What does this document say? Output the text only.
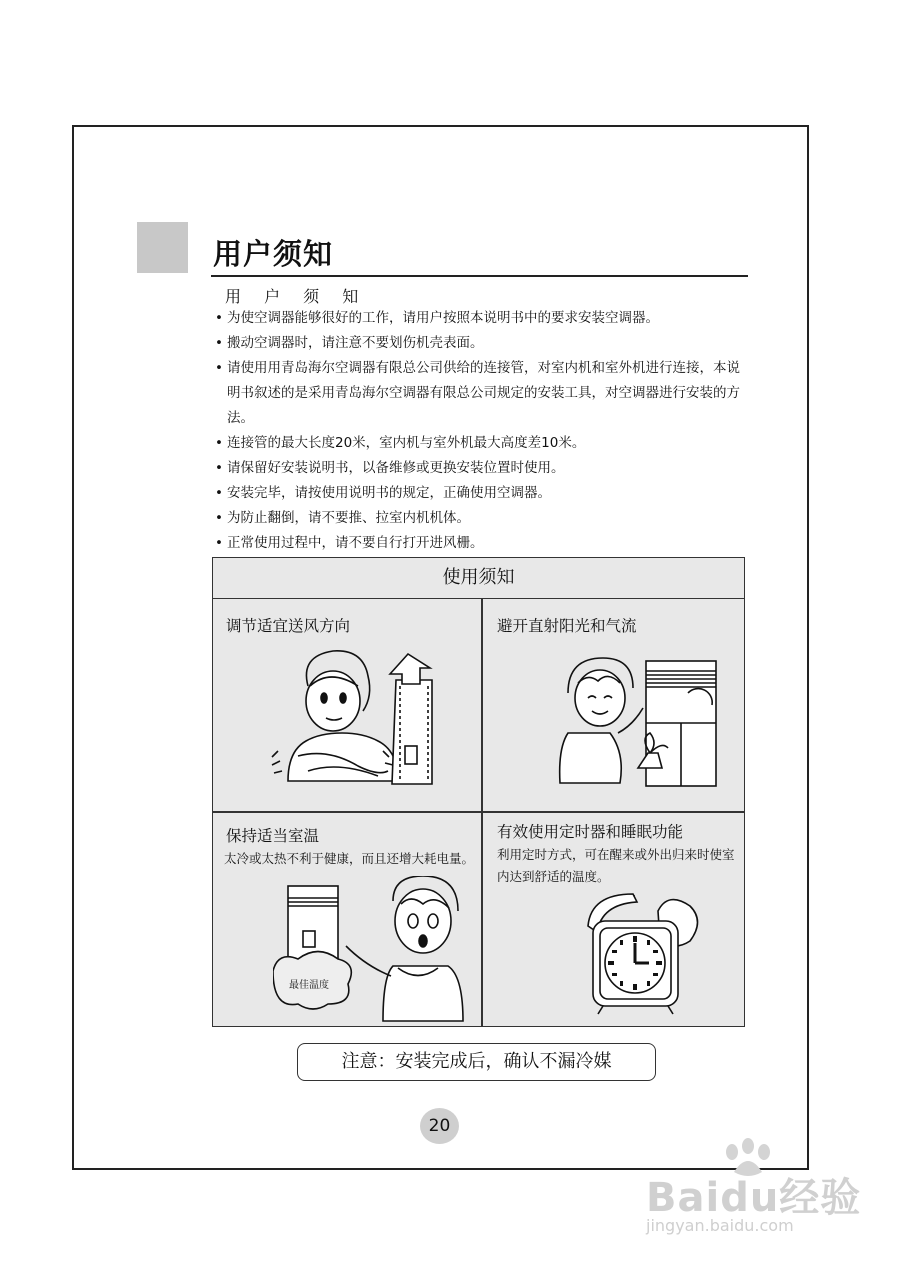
用户须知
用 户 须 知
• 为使空调器能够很好的工作，请用户按照本说明书中的要求安装空调器。
• 搬动空调器时，请注意不要划伤机壳表面。
• 请使用用青岛海尔空调器有限总公司供给的连接管，对室内机和室外机进行连接，本说明书叙述的是采用青岛海尔空调器有限总公司规定的安装工具，对空调器进行安装的方法。
• 连接管的最大长度20米，室内机与室外机最大高度差10米。
• 请保留好安装说明书，以备维修或更换安装位置时使用。
• 安装完毕，请按使用说明书的规定，正确使用空调器。
• 为防止翻倒，请不要推、拉室内机机体。
• 正常使用过程中，请不要自行打开进风栅。
使用须知
调节适宜送风方向	避开直射阳光和气流
保持适当室温
太冷或太热不利于健康，而且还增大耗电量。
最佳温度
有效使用定时器和睡眠功能
利用定时方式，可在醒来或外出归来时使室内达到舒适的温度。
注意：安装完成后，确认不漏冷媒
20
Baidu经验
jingyan.baidu.com
